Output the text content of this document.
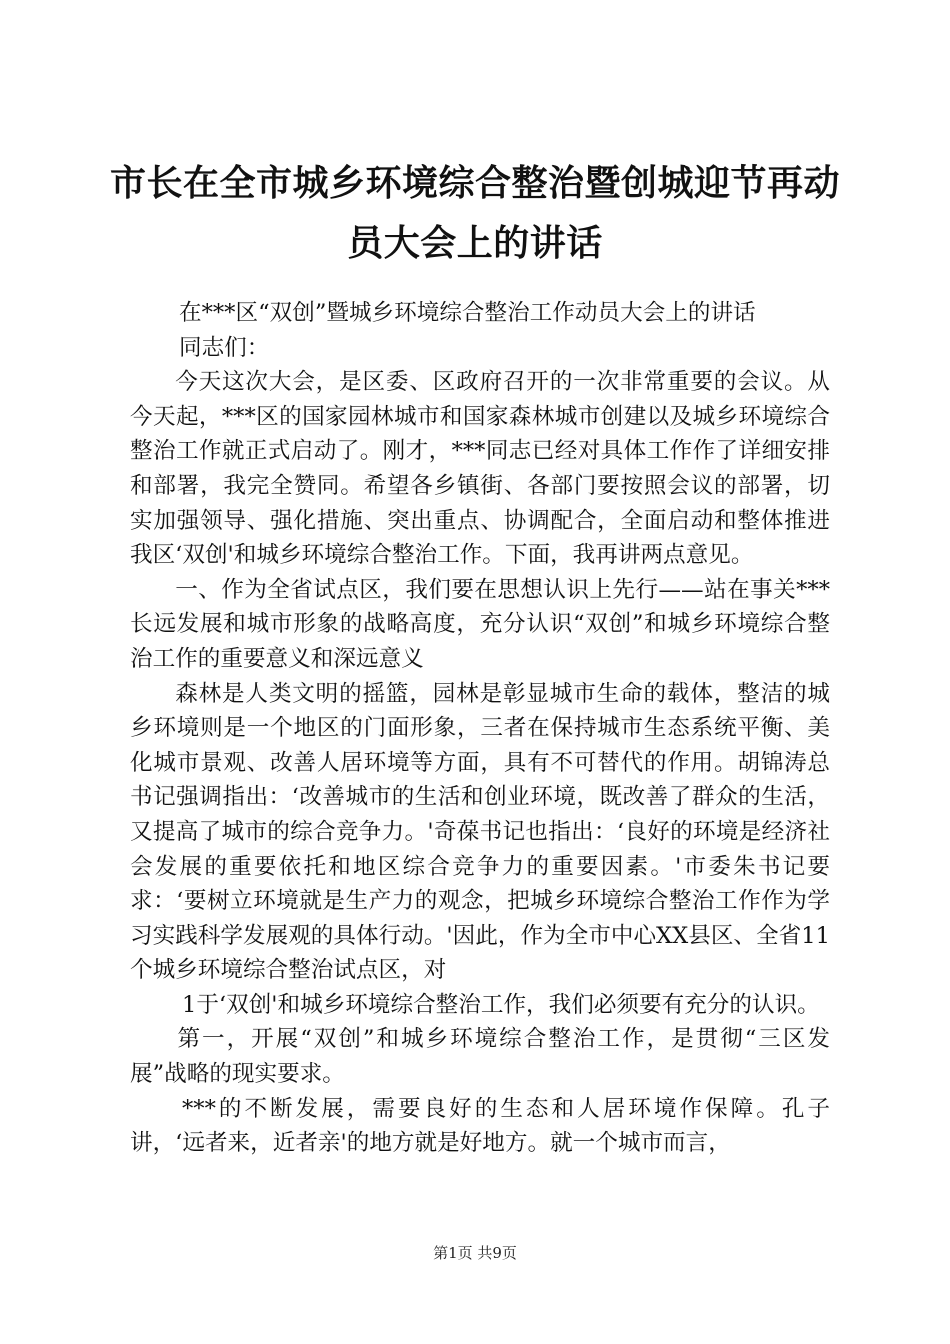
市长在全市城乡环境综合整治暨创城迎节再动
员大会上的讲话

在***区“双创”暨城乡环境综合整治工作动员大会上的讲话

同志们：

今天这次大会，是区委、区政府召开的一次非常重要的会议。从今天起，***区的国家园林城市和国家森林城市创建以及城乡环境综合整治工作就正式启动了。刚才，***同志已经对具体工作作了详细安排和部署，我完全赞同。希望各乡镇街、各部门要按照会议的部署，切实加强领导、强化措施、突出重点、协调配合，全面启动和整体推进我区‘双创'和城乡环境综合整治工作。下面，我再讲两点意见。

一、作为全省试点区，我们要在思想认识上先行——站在事关***长远发展和城市形象的战略高度，充分认识“双创”和城乡环境综合整治工作的重要意义和深远意义

森林是人类文明的摇篮，园林是彰显城市生命的载体，整洁的城乡环境则是一个地区的门面形象，三者在保持城市生态系统平衡、美化城市景观、改善人居环境等方面，具有不可替代的作用。胡锦涛总书记强调指出：‘改善城市的生活和创业环境，既改善了群众的生活，又提高了城市的综合竞争力。'奇葆书记也指出：‘良好的环境是经济社会发展的重要依托和地区综合竞争力的重要因素。'市委朱书记要求：‘要树立环境就是生产力的观念，把城乡环境综合整治工作作为学习实践科学发展观的具体行动。'因此，作为全市中心XX县区、全省11个城乡环境综合整治试点区，对

1于‘双创'和城乡环境综合整治工作，我们必须要有充分的认识。

第一，开展“双创”和城乡环境综合整治工作，是贯彻“三区发展”战略的现实要求。

***的不断发展，需要良好的生态和人居环境作保障。孔子讲，‘远者来，近者亲'的地方就是好地方。就一个城市而言，

第1页 共9页
